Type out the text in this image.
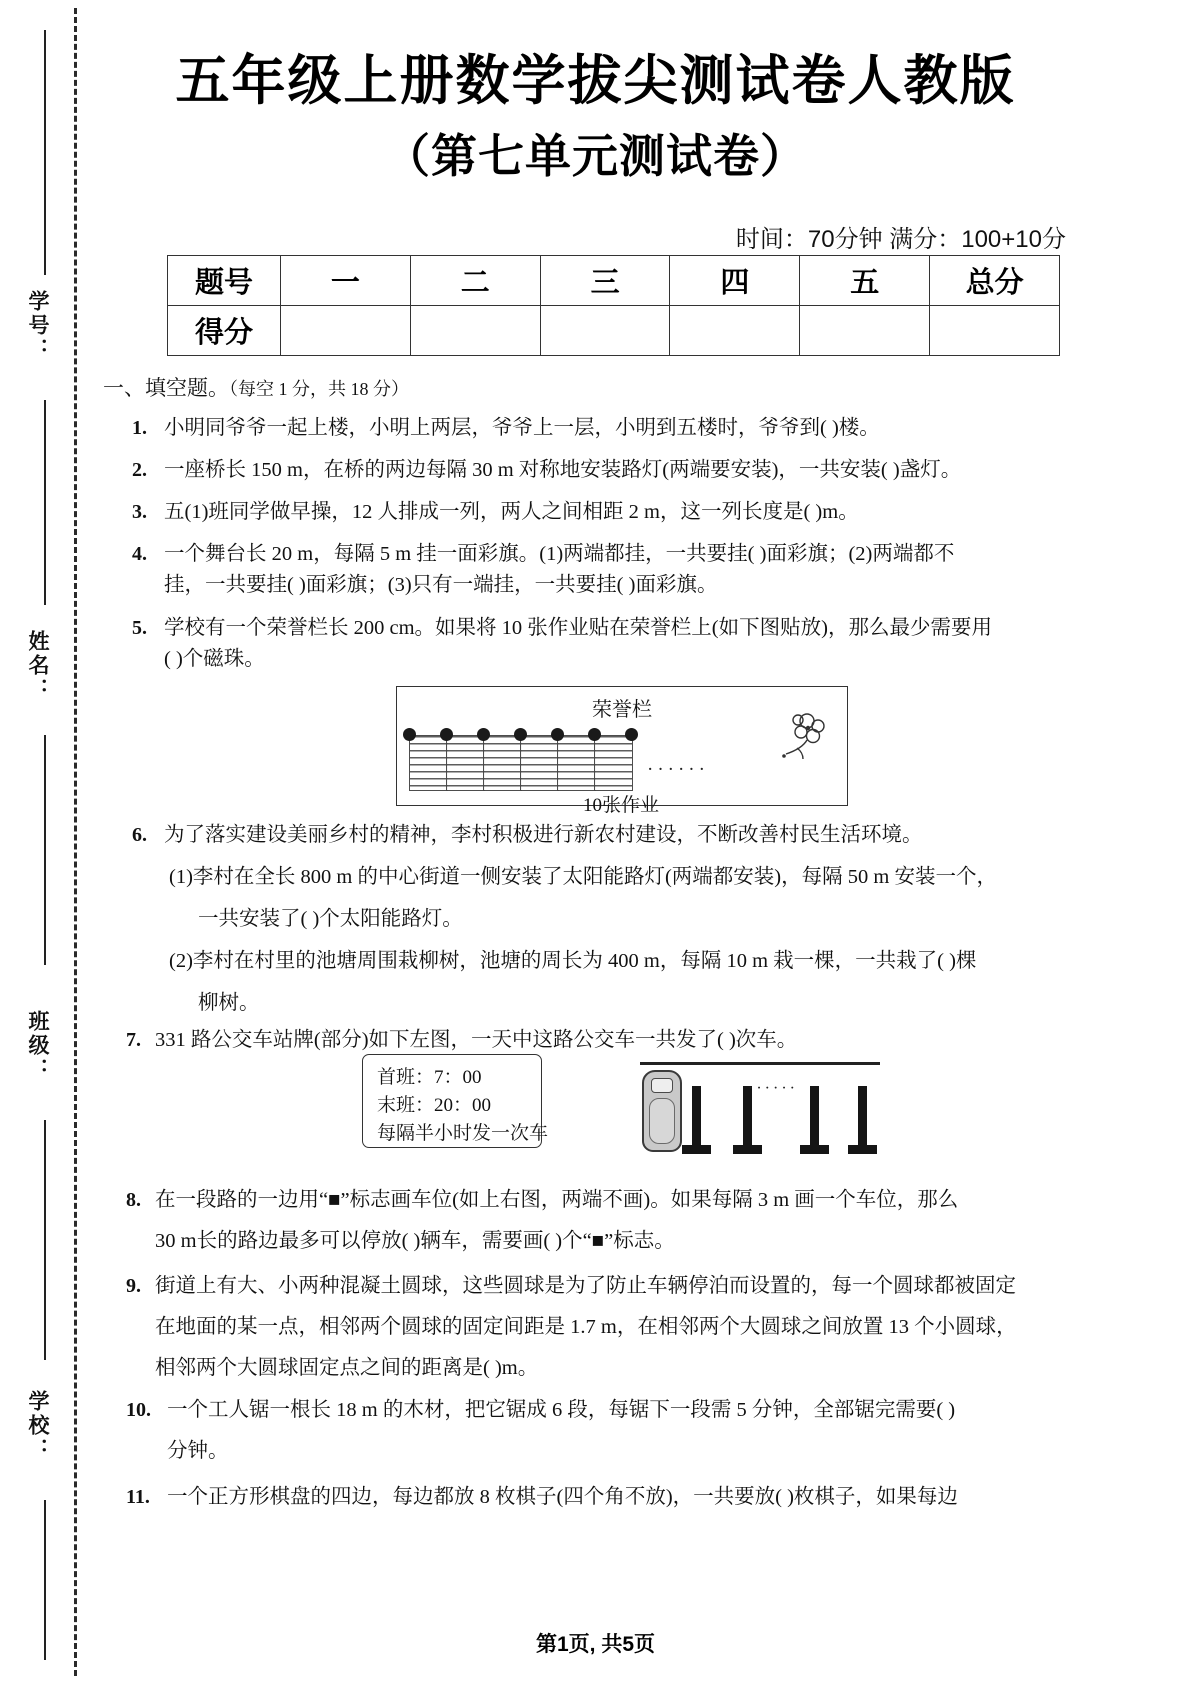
学号：
姓名：
班级：
学校：
五年级上册数学拔尖测试卷人教版
（第七单元测试卷）
时间：70分钟 满分：100+10分
题号	一	二	三	四	五	总分
得分						
一、填空题。（每空 1 分，共 18 分）
1. 小明同爷爷一起上楼，小明上两层，爷爷上一层，小明到五楼时，爷爷到( )楼。
2. 一座桥长 150 m，在桥的两边每隔 30 m 对称地安装路灯(两端要安装)，一共安装( )盏灯。
3. 五(1)班同学做早操，12 人排成一列，两人之间相距 2 m，这一列长度是( )m。
4. 一个舞台长 20 m，每隔 5 m 挂一面彩旗。(1)两端都挂，一共要挂( )面彩旗；(2)两端都不
挂，一共要挂( )面彩旗；(3)只有一端挂，一共要挂( )面彩旗。
5. 学校有一个荣誉栏长 200 cm。如果将 10 张作业贴在荣誉栏上(如下图贴放)，那么最少需要用
( )个磁珠。
荣誉栏
······
10张作业
6. 为了落实建设美丽乡村的精神，李村积极进行新农村建设，不断改善村民生活环境。
(1)李村在全长 800 m 的中心街道一侧安装了太阳能路灯(两端都安装)，每隔 50 m 安装一个，
一共安装了( )个太阳能路灯。
(2)李村在村里的池塘周围栽柳树，池塘的周长为 400 m，每隔 10 m 栽一棵，一共栽了( )棵
柳树。
7. 331 路公交车站牌(部分)如下左图，一天中这路公交车一共发了( )次车。
首班：7：00
末班：20：00
每隔半小时发一次车
······
8. 在一段路的一边用“■”标志画车位(如上右图，两端不画)。如果每隔 3 m 画一个车位，那么
30 m长的路边最多可以停放( )辆车，需要画( )个“■”标志。
9. 街道上有大、小两种混凝土圆球，这些圆球是为了防止车辆停泊而设置的，每一个圆球都被固定
在地面的某一点，相邻两个圆球的固定间距是 1.7 m，在相邻两个大圆球之间放置 13 个小圆球，
相邻两个大圆球固定点之间的距离是( )m。
10. 一个工人锯一根长 18 m 的木材，把它锯成 6 段，每锯下一段需 5 分钟，全部锯完需要( )
分钟。
11. 一个正方形棋盘的四边，每边都放 8 枚棋子(四个角不放)，一共要放( )枚棋子，如果每边
第1页, 共5页
